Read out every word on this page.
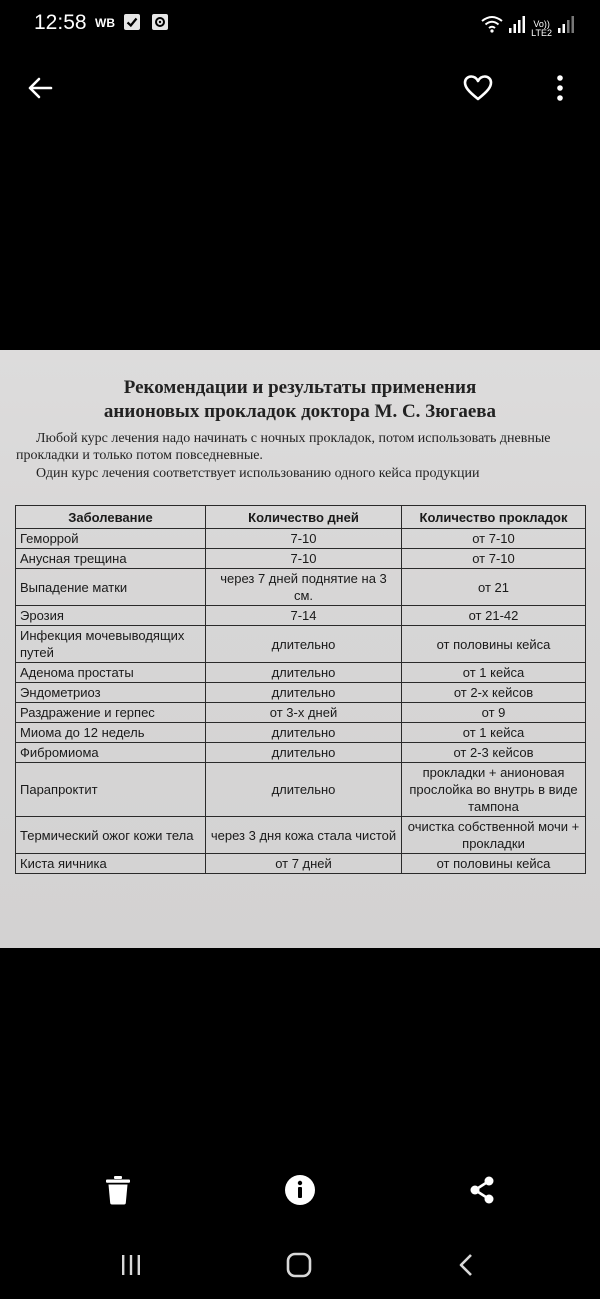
12:58 WB	Vo))
LTE2
Рекомендации и результаты применения
анионовых прокладок доктора М. С. Зюгаева

Любой курс лечения надо начинать с ночных прокладок, потом использовать дневные прокладки и только потом повседневные.

Один курс лечения соответствует использованию одного кейса продукции

Заболевание	Количество дней	Количество прокладок
Геморрой	7-10	от 7-10
Анусная трещина	7-10	от 7-10
Выпадение матки	через 7 дней поднятие на 3 см.	от 21
Эрозия	7-14	от 21-42
Инфекция мочевыводящих путей	длительно	от половины кейса
Аденома простаты	длительно	от 1 кейса
Эндометриоз	длительно	от 2-х кейсов
Раздражение и герпес	от 3-х дней	от 9
Миома до 12 недель	длительно	от 1 кейса
Фибромиома	длительно	от 2-3 кейсов
Парапроктит	длительно	прокладки + анионовая прослойка во внутрь в виде тампона
Термический ожог кожи тела	через 3 дня кожа стала чистой	очистка собственной мочи + прокладки
Киста яичника	от 7 дней	от половины кейса
